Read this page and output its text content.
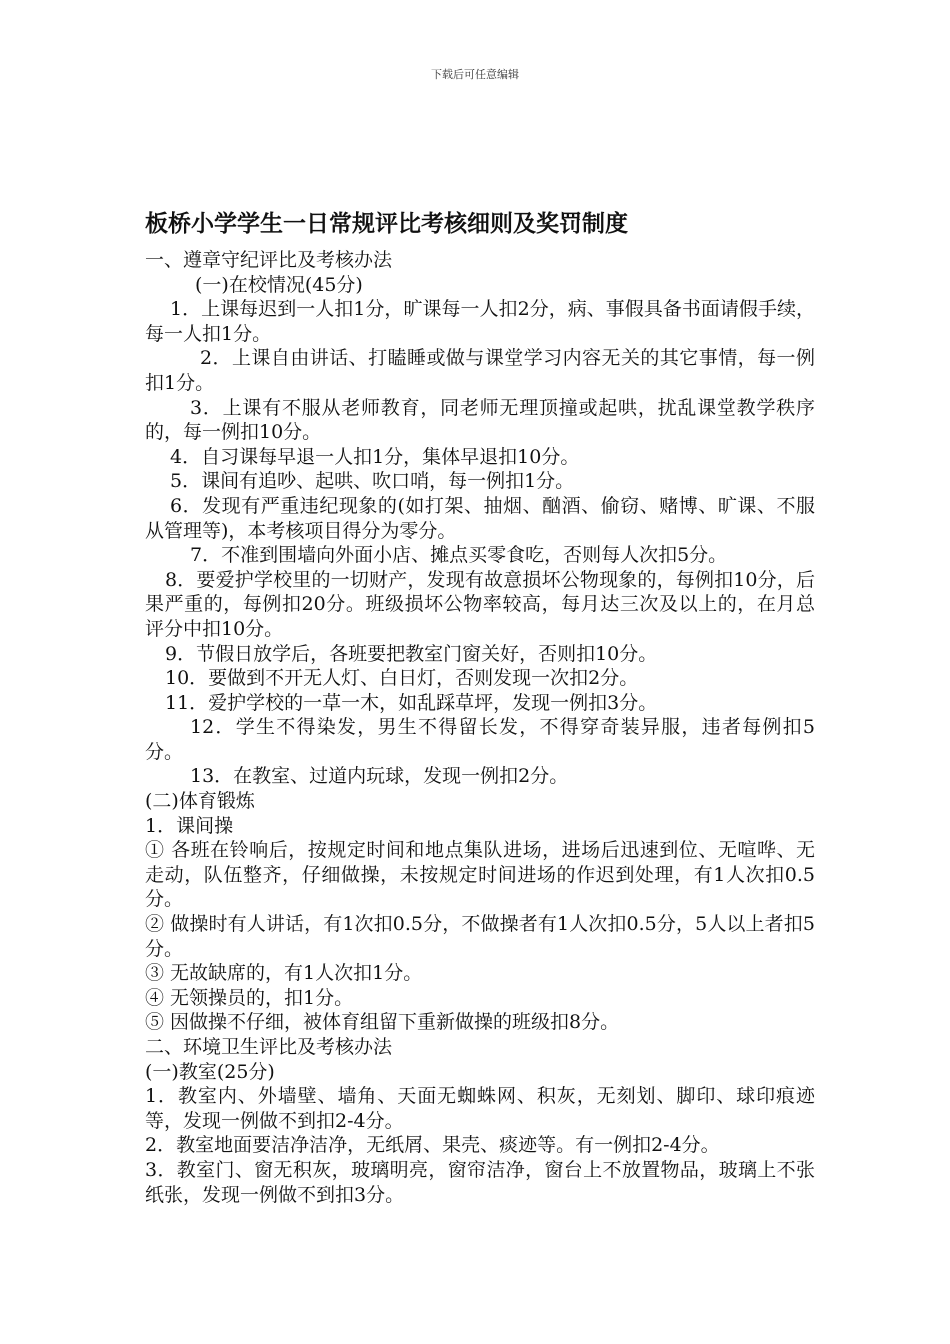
下载后可任意编辑
板桥小学学生一日常规评比考核细则及奖罚制度

一、遵章守纪评比及考核办法

(一)在校情况(45分)

1．上课每迟到一人扣1分，旷课每一人扣2分，病、事假具备书面请假手续，每一人扣1分。

2．上课自由讲话、打瞌睡或做与课堂学习内容无关的其它事情，每一例扣1分。

3．上课有不服从老师教育，同老师无理顶撞或起哄，扰乱课堂教学秩序的，每一例扣10分。

4．自习课每早退一人扣1分，集体早退扣10分。

5．课间有追吵、起哄、吹口哨，每一例扣1分。

6．发现有严重违纪现象的(如打架、抽烟、酗酒、偷窃、赌博、旷课、不服从管理等)，本考核项目得分为零分。

7．不准到围墙向外面小店、摊点买零食吃，否则每人次扣5分。

8．要爱护学校里的一切财产，发现有故意损坏公物现象的，每例扣10分，后果严重的，每例扣20分。班级损坏公物率较高，每月达三次及以上的，在月总评分中扣10分。

9．节假日放学后，各班要把教室门窗关好，否则扣10分。

10．要做到不开无人灯、白日灯，否则发现一次扣2分。

11．爱护学校的一草一木，如乱踩草坪，发现一例扣3分。

12．学生不得染发，男生不得留长发，不得穿奇装异服，违者每例扣5分。

13．在教室、过道内玩球，发现一例扣2分。

(二)体育锻炼

1．课间操

① 各班在铃响后，按规定时间和地点集队进场，进场后迅速到位、无喧哗、无走动，队伍整齐，仔细做操，未按规定时间进场的作迟到处理，有1人次扣0.5分。

② 做操时有人讲话，有1次扣0.5分，不做操者有1人次扣0.5分，5人以上者扣5分。

③ 无故缺席的，有1人次扣1分。

④ 无领操员的，扣1分。

⑤ 因做操不仔细，被体育组留下重新做操的班级扣8分。

二、环境卫生评比及考核办法

(一)教室(25分)

1．教室内、外墙壁、墙角、天面无蜘蛛网、积灰，无刻划、脚印、球印痕迹等，发现一例做不到扣2-4分。

2．教室地面要洁净洁净，无纸屑、果壳、痰迹等。有一例扣2-4分。

3．教室门、窗无积灰，玻璃明亮，窗帘洁净，窗台上不放置物品，玻璃上不张纸张，发现一例做不到扣3分。
